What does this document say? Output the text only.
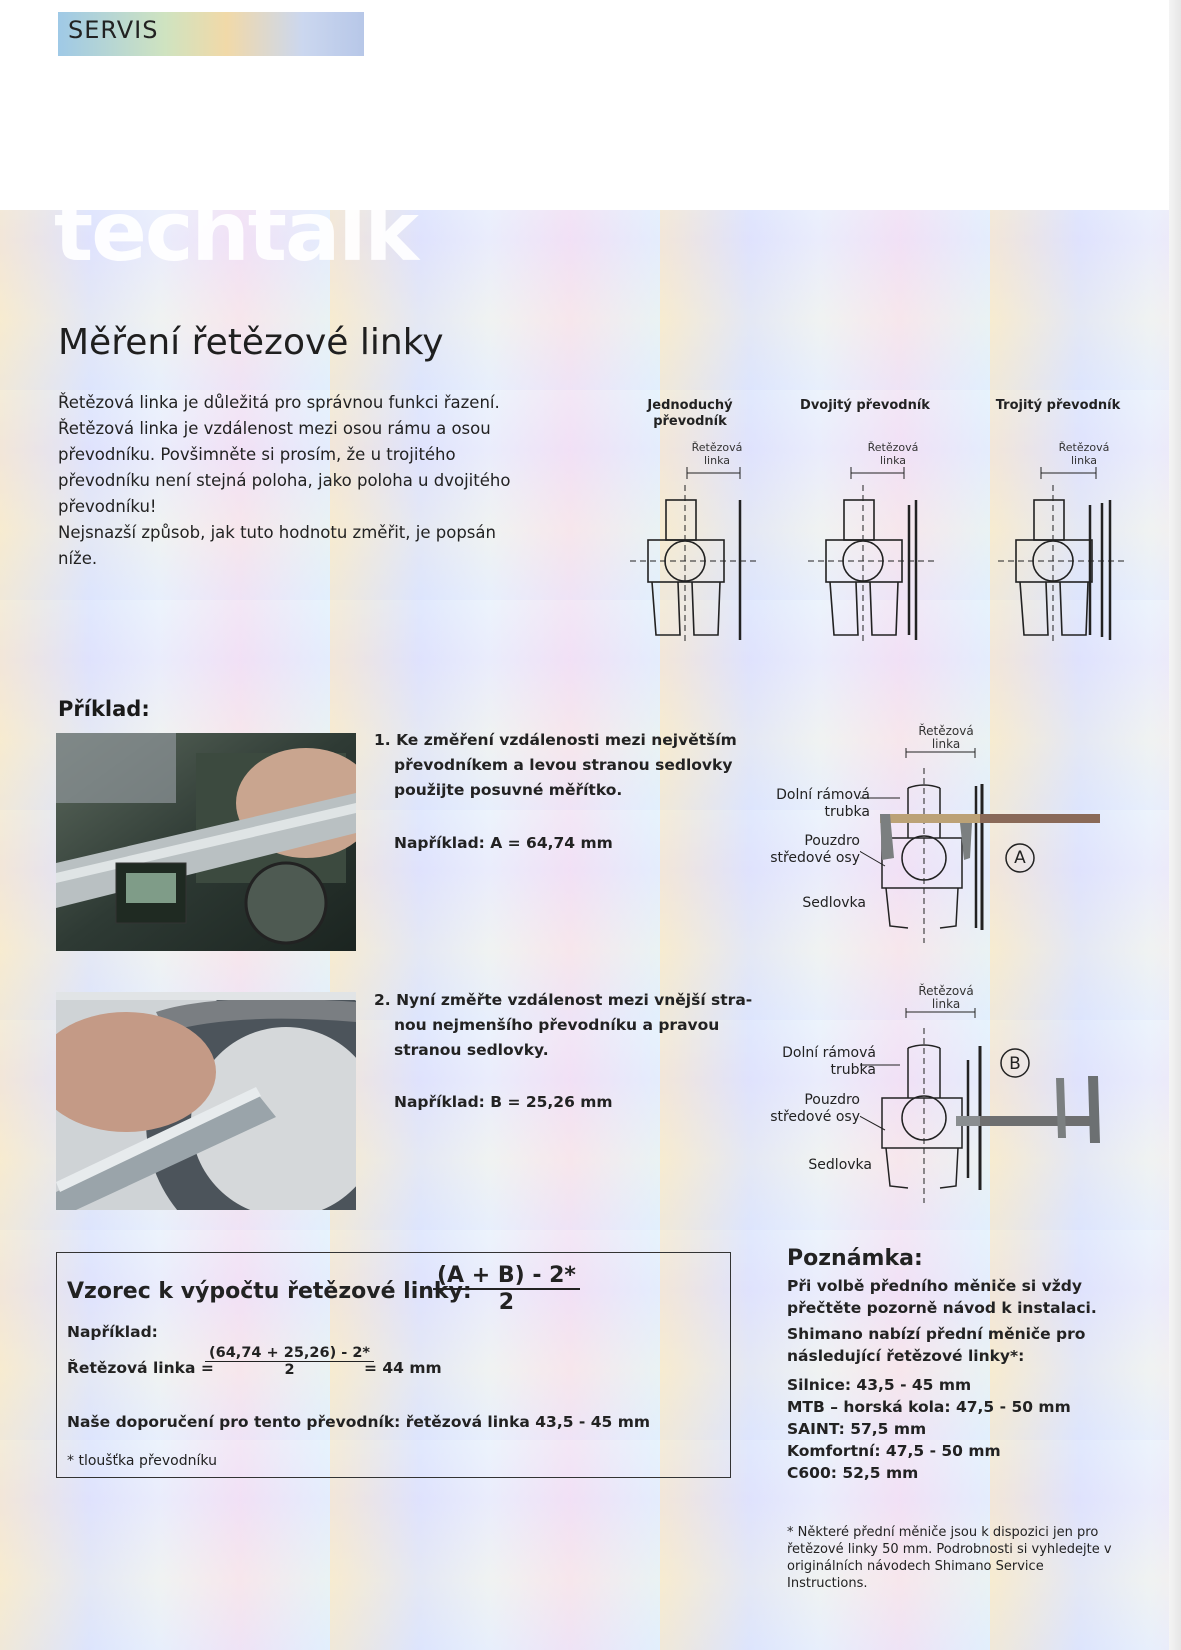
SERVIS
techtalk
Měření řetězové linky

Řetězová linka je důležitá pro správnou funkci řazení. Řetězová linka je vzdálenost mezi osou rámu a osou převodníku. Povšimněte si prosím, že u trojitého převodníku není stejná poloha, jako poloha u dvojitého převodníku!

Nejsnazší způsob, jak tuto hodnotu změřit, je popsán níže.

Jednoduchý
převodník
Dvojitý převodník	Trojitý převodník
Řetězová
linka
Řetězová
linka
Řetězová
linka
Příklad:
1. Ke změření vzdálenosti mezi největším
převodníkem a levou stranou sedlovky
použijte posuvné měřítko.
Například: A = 64,74 mm
Řetězová
linka
Dolní rámová
trubka
Pouzdro
středové osy
Sedlovka
A
2. Nyní změřte vzdálenost mezi vnější stra-
nou nejmenšího převodníku a pravou
stranou sedlovky.
Například: B = 25,26 mm
Řetězová
linka
Dolní rámová
trubka
Pouzdro
středové osy
Sedlovka
B
Vzorec k výpočtu řetězové linky:
$\frac{(A + B) - 2*}{2}$
Například:
Řetězová linka =
$\frac{(64,74 + 25,26) - 2*}{2}$
= 44 mm
Naše doporučení pro tento převodník: řetězová linka 43,5 - 45 mm
* tloušťka převodníku
Poznámka:
Při volbě předního měniče si vždy přečtěte pozorně návod k instalaci.
Shimano nabízí přední měniče pro následující řetězové linky*:
Silnice: 43,5 - 45 mm
MTB – horská kola: 47,5 - 50 mm
SAINT: 57,5 mm
Komfortní: 47,5 - 50 mm
C600: 52,5 mm
* Některé přední měniče jsou k dispozici jen pro řetězové linky 50 mm. Podrobnosti si vyhledejte v originálních návodech Shimano Service Instructions.
